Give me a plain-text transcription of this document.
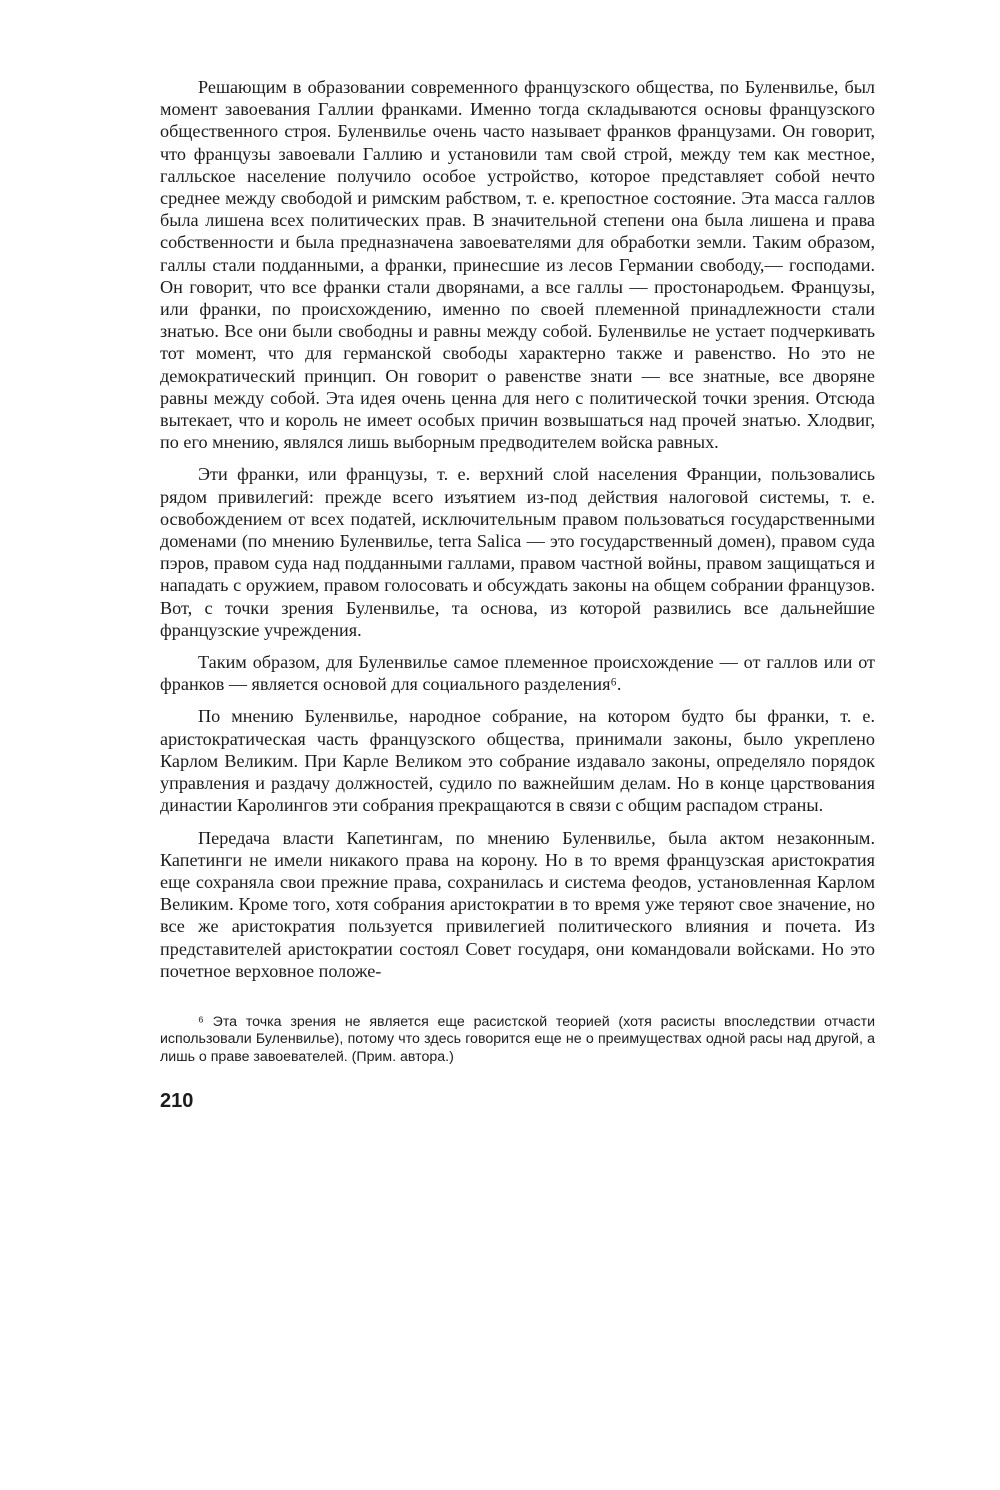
Решающим в образовании современного французского общества, по Буленвилье, был момент завоевания Галлии франками. Именно тогда складываются основы французского общественного строя. Буленвилье очень часто называет франков французами. Он говорит, что французы завоевали Галлию и установили там свой строй, между тем как местное, галльское население получило особое устройство, которое представляет собой нечто среднее между свободой и римским рабством, т. е. крепостное состояние. Эта масса галлов была лишена всех политических прав. В значительной степени она была лишена и права собственности и была предназначена завоевателями для обработки земли. Таким образом, галлы стали подданными, а франки, принесшие из лесов Германии свободу,— господами. Он говорит, что все франки стали дворянами, а все галлы — простонародьем. Французы, или франки, по происхождению, именно по своей племенной принадлежности стали знатью. Все они были свободны и равны между собой. Буленвилье не устает подчеркивать тот момент, что для германской свободы характерно также и равенство. Но это не демократический принцип. Он говорит о равенстве знати — все знатные, все дворяне равны между собой. Эта идея очень ценна для него с политической точки зрения. Отсюда вытекает, что и король не имеет особых причин возвышаться над прочей знатью. Хлодвиг, по его мнению, являлся лишь выборным предводителем войска равных.

Эти франки, или французы, т. е. верхний слой населения Франции, пользовались рядом привилегий: прежде всего изъятием из-под действия налоговой системы, т. е. освобождением от всех податей, исключительным правом пользоваться государственными доменами (по мнению Буленвилье, terra Salica — это государственный домен), правом суда пэров, правом суда над подданными галлами, правом частной войны, правом защищаться и нападать с оружием, правом голосовать и обсуждать законы на общем собрании французов. Вот, с точки зрения Буленвилье, та основа, из которой развились все дальнейшие французские учреждения.

Таким образом, для Буленвилье самое племенное происхождение — от галлов или от франков — является основой для социального разделения⁶.

По мнению Буленвилье, народное собрание, на котором будто бы франки, т. е. аристократическая часть французского общества, принимали законы, было укреплено Карлом Великим. При Карле Великом это собрание издавало законы, определяло порядок управления и раздачу должностей, судило по важнейшим делам. Но в конце царствования династии Каролингов эти собрания прекращаются в связи с общим распадом страны.

Передача власти Капетингам, по мнению Буленвилье, была актом незаконным. Капетинги не имели никакого права на корону. Но в то время французская аристократия еще сохраняла свои прежние права, сохранилась и система феодов, установленная Карлом Великим. Кроме того, хотя собрания аристократии в то время уже теряют свое значение, но все же аристократия пользуется привилегией политического влияния и почета. Из представителей аристократии состоял Совет государя, они командовали войсками. Но это почетное верховное положе-

⁶ Эта точка зрения не является еще расистской теорией (хотя расисты впоследствии отчасти использовали Буленвилье), потому что здесь говорится еще не о преимуществах одной расы над другой, а лишь о праве завоевателей. (Прим. автора.)

210
